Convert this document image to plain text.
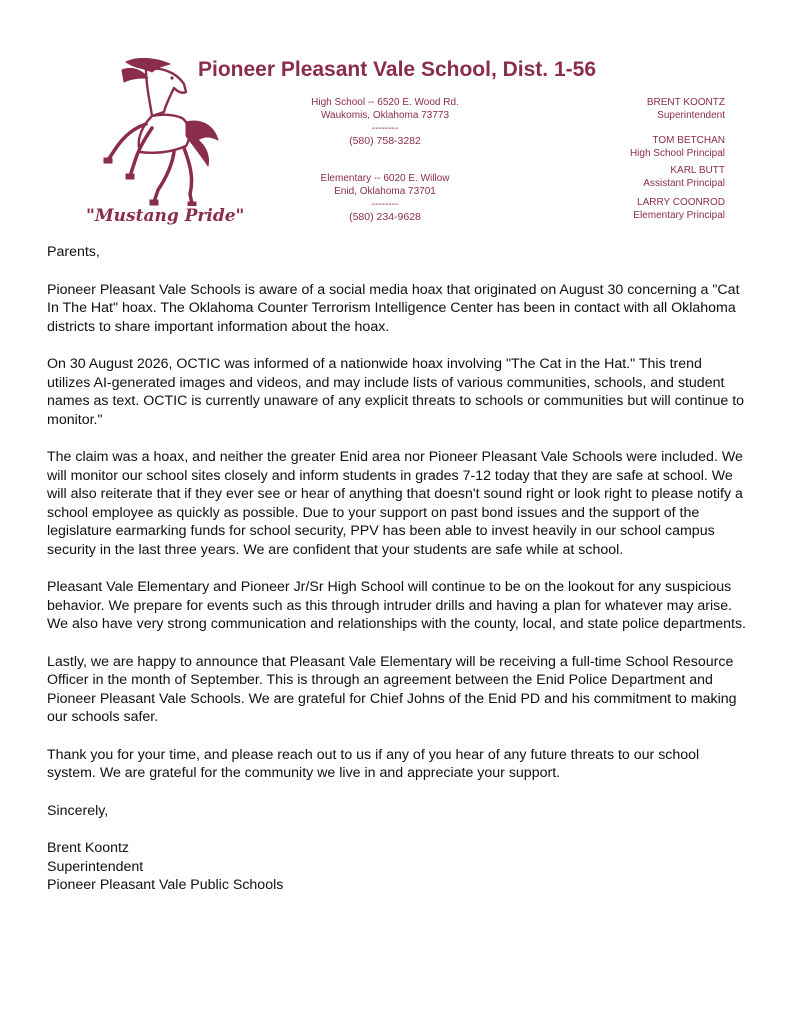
"Mustang Pride"
Pioneer Pleasant Vale School, Dist. 1-56
High School -- 6520 E. Wood Rd.
Waukomis, Oklahoma 73773
--------
(580) 758-3282
Elementary -- 6020 E. Willow
Enid, Oklahoma 73701
--------
(580) 234-9628
BRENT KOONTZ
Superintendent
TOM BETCHAN
High School Principal
KARL BUTT
Assistant Principal
LARRY COONROD
Elementary Principal

Parents,

Pioneer Pleasant Vale Schools is aware of a social media hoax that originated on August 30 concerning a "Cat In The Hat" hoax. The Oklahoma Counter Terrorism Intelligence Center has been in contact with all Oklahoma districts to share important information about the hoax.

On 30 August 2026, OCTIC was informed of a nationwide hoax involving "The Cat in the Hat." This trend utilizes AI-generated images and videos, and may include lists of various communities, schools, and student names as text. OCTIC is currently unaware of any explicit threats to schools or communities but will continue to monitor."

The claim was a hoax, and neither the greater Enid area nor Pioneer Pleasant Vale Schools were included. We will monitor our school sites closely and inform students in grades 7-12 today that they are safe at school. We will also reiterate that if they ever see or hear of anything that doesn't sound right or look right to please notify a school employee as quickly as possible. Due to your support on past bond issues and the support of the legislature earmarking funds for school security, PPV has been able to invest heavily in our school campus security in the last three years. We are confident that your students are safe while at school.

Pleasant Vale Elementary and Pioneer Jr/Sr High School will continue to be on the lookout for any suspicious behavior. We prepare for events such as this through intruder drills and having a plan for whatever may arise. We also have very strong communication and relationships with the county, local, and state police departments.

Lastly, we are happy to announce that Pleasant Vale Elementary will be receiving a full-time School Resource Officer in the month of September. This is through an agreement between the Enid Police Department and Pioneer Pleasant Vale Schools. We are grateful for Chief Johns of the Enid PD and his commitment to making our schools safer.

Thank you for your time, and please reach out to us if any of you hear of any future threats to our school system. We are grateful for the community we live in and appreciate your support.

Sincerely,

Brent Koontz
Superintendent
Pioneer Pleasant Vale Public Schools
